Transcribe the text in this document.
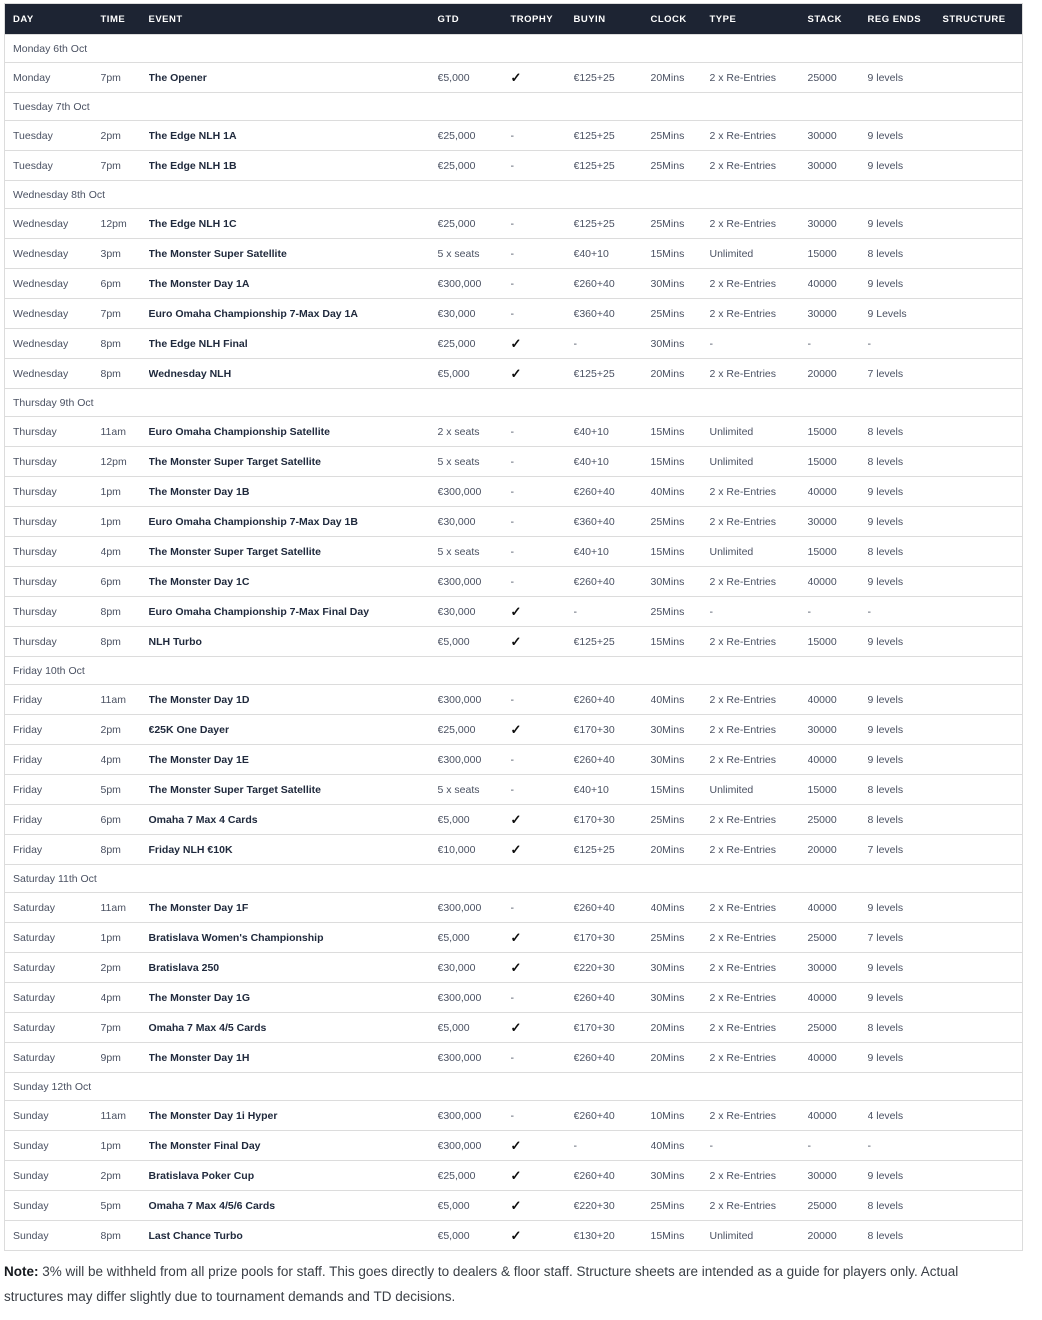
DAY	TIME	EVENT	GTD	TROPHY	BUYIN	CLOCK	TYPE	STACK	REG ENDS	STRUCTURE
Monday 6th Oct										
Monday	7pm	The Opener	€5,000	✓	€125+25	20Mins	2 x Re-Entries	25000	9 levels	
Tuesday 7th Oct										
Tuesday	2pm	The Edge NLH 1A	€25,000	-	€125+25	25Mins	2 x Re-Entries	30000	9 levels	
Tuesday	7pm	The Edge NLH 1B	€25,000	-	€125+25	25Mins	2 x Re-Entries	30000	9 levels	
Wednesday 8th Oct										
Wednesday	12pm	The Edge NLH 1C	€25,000	-	€125+25	25Mins	2 x Re-Entries	30000	9 levels	
Wednesday	3pm	The Monster Super Satellite	5 x seats	-	€40+10	15Mins	Unlimited	15000	8 levels	
Wednesday	6pm	The Monster Day 1A	€300,000	-	€260+40	30Mins	2 x Re-Entries	40000	9 levels	
Wednesday	7pm	Euro Omaha Championship 7-Max Day 1A	€30,000	-	€360+40	25Mins	2 x Re-Entries	30000	9 Levels	
Wednesday	8pm	The Edge NLH Final	€25,000	✓	-	30Mins	-	-	-	
Wednesday	8pm	Wednesday NLH	€5,000	✓	€125+25	20Mins	2 x Re-Entries	20000	7 levels	
Thursday 9th Oct										
Thursday	11am	Euro Omaha Championship Satellite	2 x seats	-	€40+10	15Mins	Unlimited	15000	8 levels	
Thursday	12pm	The Monster Super Target Satellite	5 x seats	-	€40+10	15Mins	Unlimited	15000	8 levels	
Thursday	1pm	The Monster Day 1B	€300,000	-	€260+40	40Mins	2 x Re-Entries	40000	9 levels	
Thursday	1pm	Euro Omaha Championship 7-Max Day 1B	€30,000	-	€360+40	25Mins	2 x Re-Entries	30000	9 levels	
Thursday	4pm	The Monster Super Target Satellite	5 x seats	-	€40+10	15Mins	Unlimited	15000	8 levels	
Thursday	6pm	The Monster Day 1C	€300,000	-	€260+40	30Mins	2 x Re-Entries	40000	9 levels	
Thursday	8pm	Euro Omaha Championship 7-Max Final Day	€30,000	✓	-	25Mins	-	-	-	
Thursday	8pm	NLH Turbo	€5,000	✓	€125+25	15Mins	2 x Re-Entries	15000	9 levels	
Friday 10th Oct										
Friday	11am	The Monster Day 1D	€300,000	-	€260+40	40Mins	2 x Re-Entries	40000	9 levels	
Friday	2pm	€25K One Dayer	€25,000	✓	€170+30	30Mins	2 x Re-Entries	30000	9 levels	
Friday	4pm	The Monster Day 1E	€300,000	-	€260+40	30Mins	2 x Re-Entries	40000	9 levels	
Friday	5pm	The Monster Super Target Satellite	5 x seats	-	€40+10	15Mins	Unlimited	15000	8 levels	
Friday	6pm	Omaha 7 Max 4 Cards	€5,000	✓	€170+30	25Mins	2 x Re-Entries	25000	8 levels	
Friday	8pm	Friday NLH €10K	€10,000	✓	€125+25	20Mins	2 x Re-Entries	20000	7 levels	
Saturday 11th Oct										
Saturday	11am	The Monster Day 1F	€300,000	-	€260+40	40Mins	2 x Re-Entries	40000	9 levels	
Saturday	1pm	Bratislava Women's Championship	€5,000	✓	€170+30	25Mins	2 x Re-Entries	25000	7 levels	
Saturday	2pm	Bratislava 250	€30,000	✓	€220+30	30Mins	2 x Re-Entries	30000	9 levels	
Saturday	4pm	The Monster Day 1G	€300,000	-	€260+40	30Mins	2 x Re-Entries	40000	9 levels	
Saturday	7pm	Omaha 7 Max 4/5 Cards	€5,000	✓	€170+30	20Mins	2 x Re-Entries	25000	8 levels	
Saturday	9pm	The Monster Day 1H	€300,000	-	€260+40	20Mins	2 x Re-Entries	40000	9 levels	
Sunday 12th Oct										
Sunday	11am	The Monster Day 1i Hyper	€300,000	-	€260+40	10Mins	2 x Re-Entries	40000	4 levels	
Sunday	1pm	The Monster Final Day	€300,000	✓	-	40Mins	-	-	-	
Sunday	2pm	Bratislava Poker Cup	€25,000	✓	€260+40	30Mins	2 x Re-Entries	30000	9 levels	
Sunday	5pm	Omaha 7 Max 4/5/6 Cards	€5,000	✓	€220+30	25Mins	2 x Re-Entries	25000	8 levels	
Sunday	8pm	Last Chance Turbo	€5,000	✓	€130+20	15Mins	Unlimited	20000	8 levels	

Note: 3% will be withheld from all prize pools for staff. This goes directly to dealers & floor staff. Structure sheets are intended as a guide for players only. Actual structures may differ slightly due to tournament demands and TD decisions.
